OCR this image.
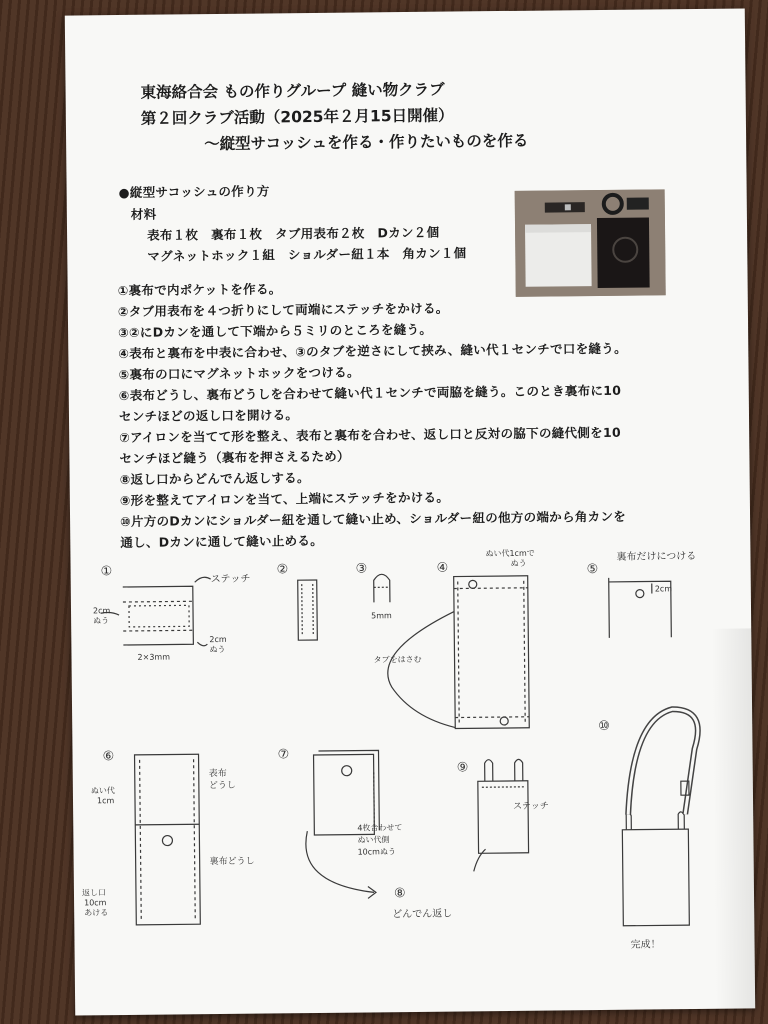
東海絡合会 もの作りグループ 縫い物クラブ

第２回クラブ活動（2025年２月15日開催）

～縦型サコッシュを作る・作りたいものを作る

●縦型サコッシュの作り方

材料

表布１枚　裏布１枚　タブ用表布２枚　Dカン２個

マグネットホック１組　ショルダー紐１本　角カン１個

①裏布で内ポケットを作る。

②タブ用表布を４つ折りにして両端にステッチをかける。

③②にDカンを通して下端から５ミリのところを縫う。

④表布と裏布を中表に合わせ、③のタブを逆さにして挟み、縫い代１センチで口を縫う。

⑤裏布の口にマグネットホックをつける。

⑥表布どうし、裏布どうしを合わせて縫い代１センチで両脇を縫う。このとき裏布に10

センチほどの返し口を開ける。

⑦アイロンを当てて形を整え、表布と裏布を合わせ、返し口と反対の脇下の縫代側を10

センチほど縫う（裏布を押さえるため）

⑧返し口からどんでん返しする。

⑨形を整えてアイロンを当て、上端にステッチをかける。

⑩片方のDカンにショルダー紐を通して縫い止め、ショルダー紐の他方の端から角カンを

通し、Dカンに通して縫い止める。

①	②	③	④	⑤
⑥	⑦
⑧
⑨
⑩
ステッチ
2cm
ぬう
2cm
ぬう
2×3mm
5mm
ぬい代1cmで
ぬう
タブをはさむ
裏布だけにつける
2cm
ぬい代
1cm
表布
どうし
裏布どうし
返し口
10cm
あける
4枚合わせて
ぬい代側
10cmぬう
ステッチ
どんでん返し
完成！
